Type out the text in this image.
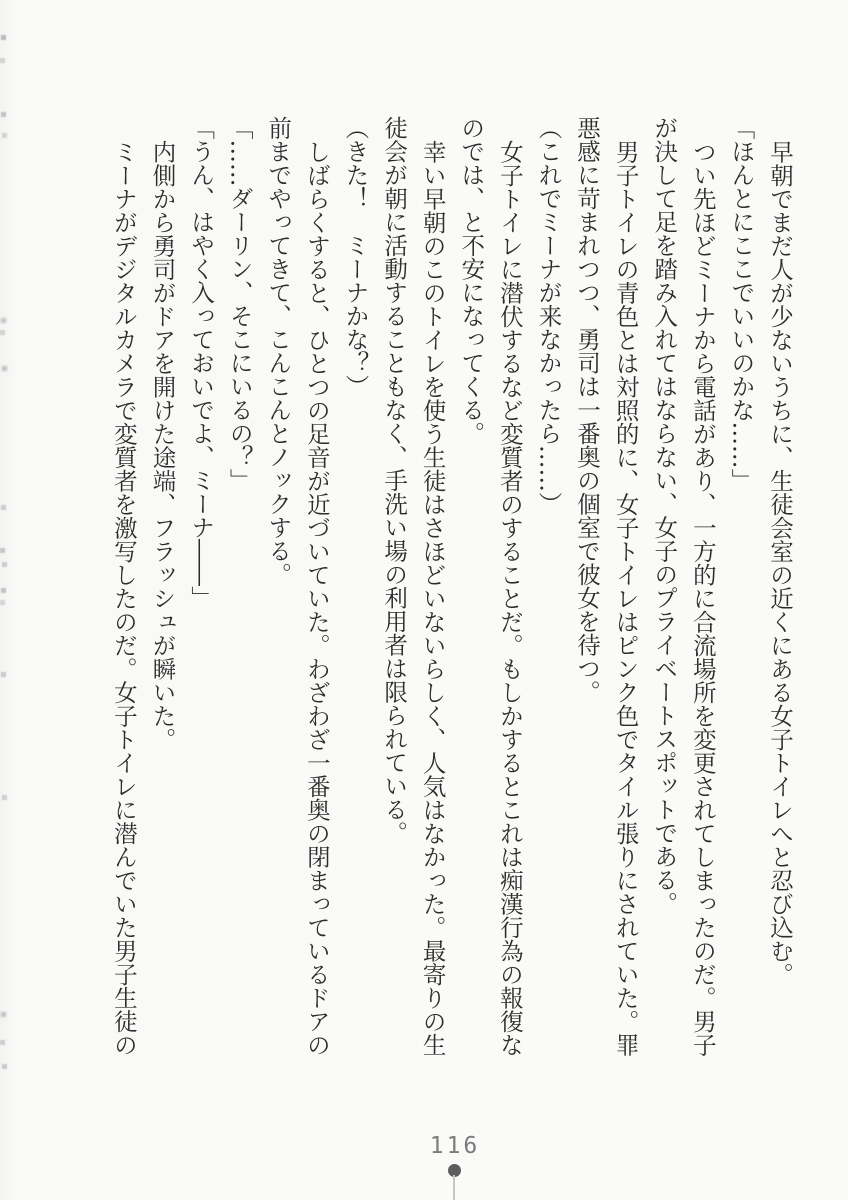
早朝でまだ人が少ないうちに、生徒会室の近くにある女子トイレへと忍び込む。
「ほんとにここでいいのかな……」
つい先ほどミーナから電話があり、一方的に合流場所を変更されてしまったのだ。男子
が決して足を踏み入れてはならない、女子のプライベートスポットである。
男子トイレの青色とは対照的に、女子トイレはピンク色でタイル張りにされていた。罪
悪感に苛まれつつ、勇司は一番奥の個室で彼女を待つ。
（これでミーナが来なかったら……）
女子トイレに潜伏するなど変質者のすることだ。もしかするとこれは痴漢行為の報復な
のでは、と不安になってくる。
幸い早朝のこのトイレを使う生徒はさほどいないらしく、人気はなかった。最寄りの生
徒会が朝に活動することもなく、手洗い場の利用者は限られている。
（きた！　ミーナかな？）
しばらくすると、ひとつの足音が近づいていた。わざわざ一番奥の閉まっているドアの
前までやってきて、こんこんとノックする。
「……ダーリン、そこにいるの？」
「うん、はやく入っておいでよ、ミーナ――」
内側から勇司がドアを開けた途端、フラッシュが瞬いた。
ミーナがデジタルカメラで変質者を激写したのだ。女子トイレに潜んでいた男子生徒の
116
